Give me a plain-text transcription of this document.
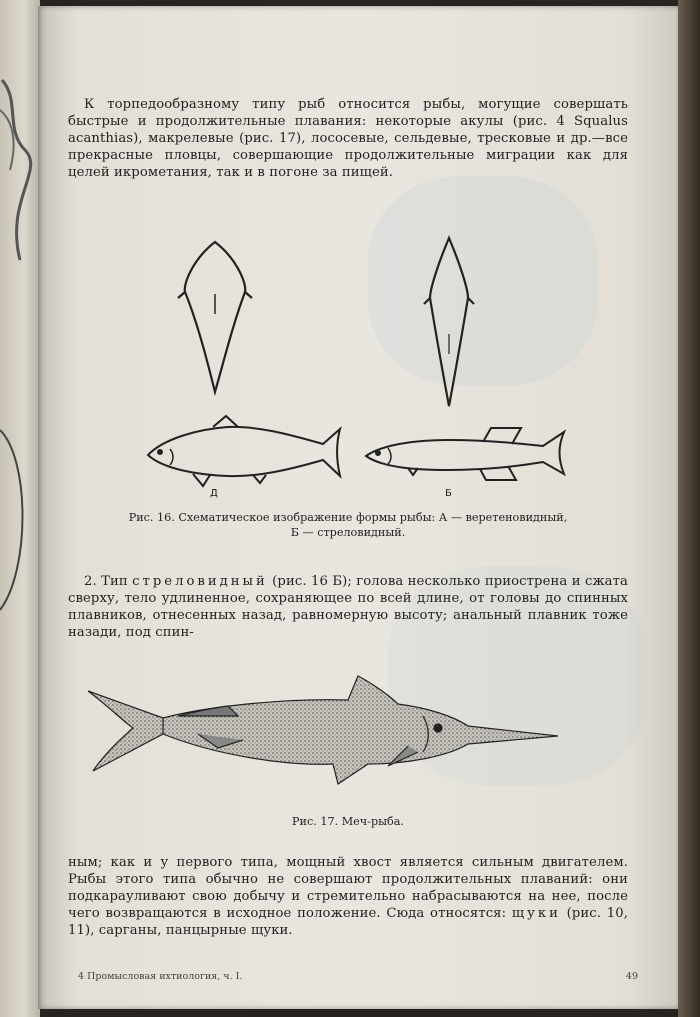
К торпедообразному типу рыб относится рыбы, могущие совершать быстрые и продолжительные плавания: некоторые акулы (рис. 4 Squalus acanthias), макрелевые (рис. 17), лососевые, сельдевые, тресковые и др.—все прекрасные пловцы, совершающие продолжительные миграции как для целей икрометания, так и в погоне за пищей.

Д	Б
Рис. 16. Схематическое изображение формы рыбы: А — веретеновидный,
Б — стреловидный.

2. Тип стреловидный (рис. 16 Б); голова несколько приострена и сжата сверху, тело удлиненное, сохраняющее по всей длине, от головы до спинных плавников, отнесенных назад, равномерную высоту; анальный плавник тоже назади, под спин-

Рис. 17. Меч-рыба.

ным; как и у первого типа, мощный хвост является сильным двигателем. Рыбы этого типа обычно не совершают продолжительных плаваний: они подкарауливают свою добычу и стремительно набрасываются на нее, после чего возвращаются в исходное положение. Сюда относятся: щуки (рис. 10, 11), сарганы, панцырные щуки.

4 Промысловая ихтиология, ч. I.	49
